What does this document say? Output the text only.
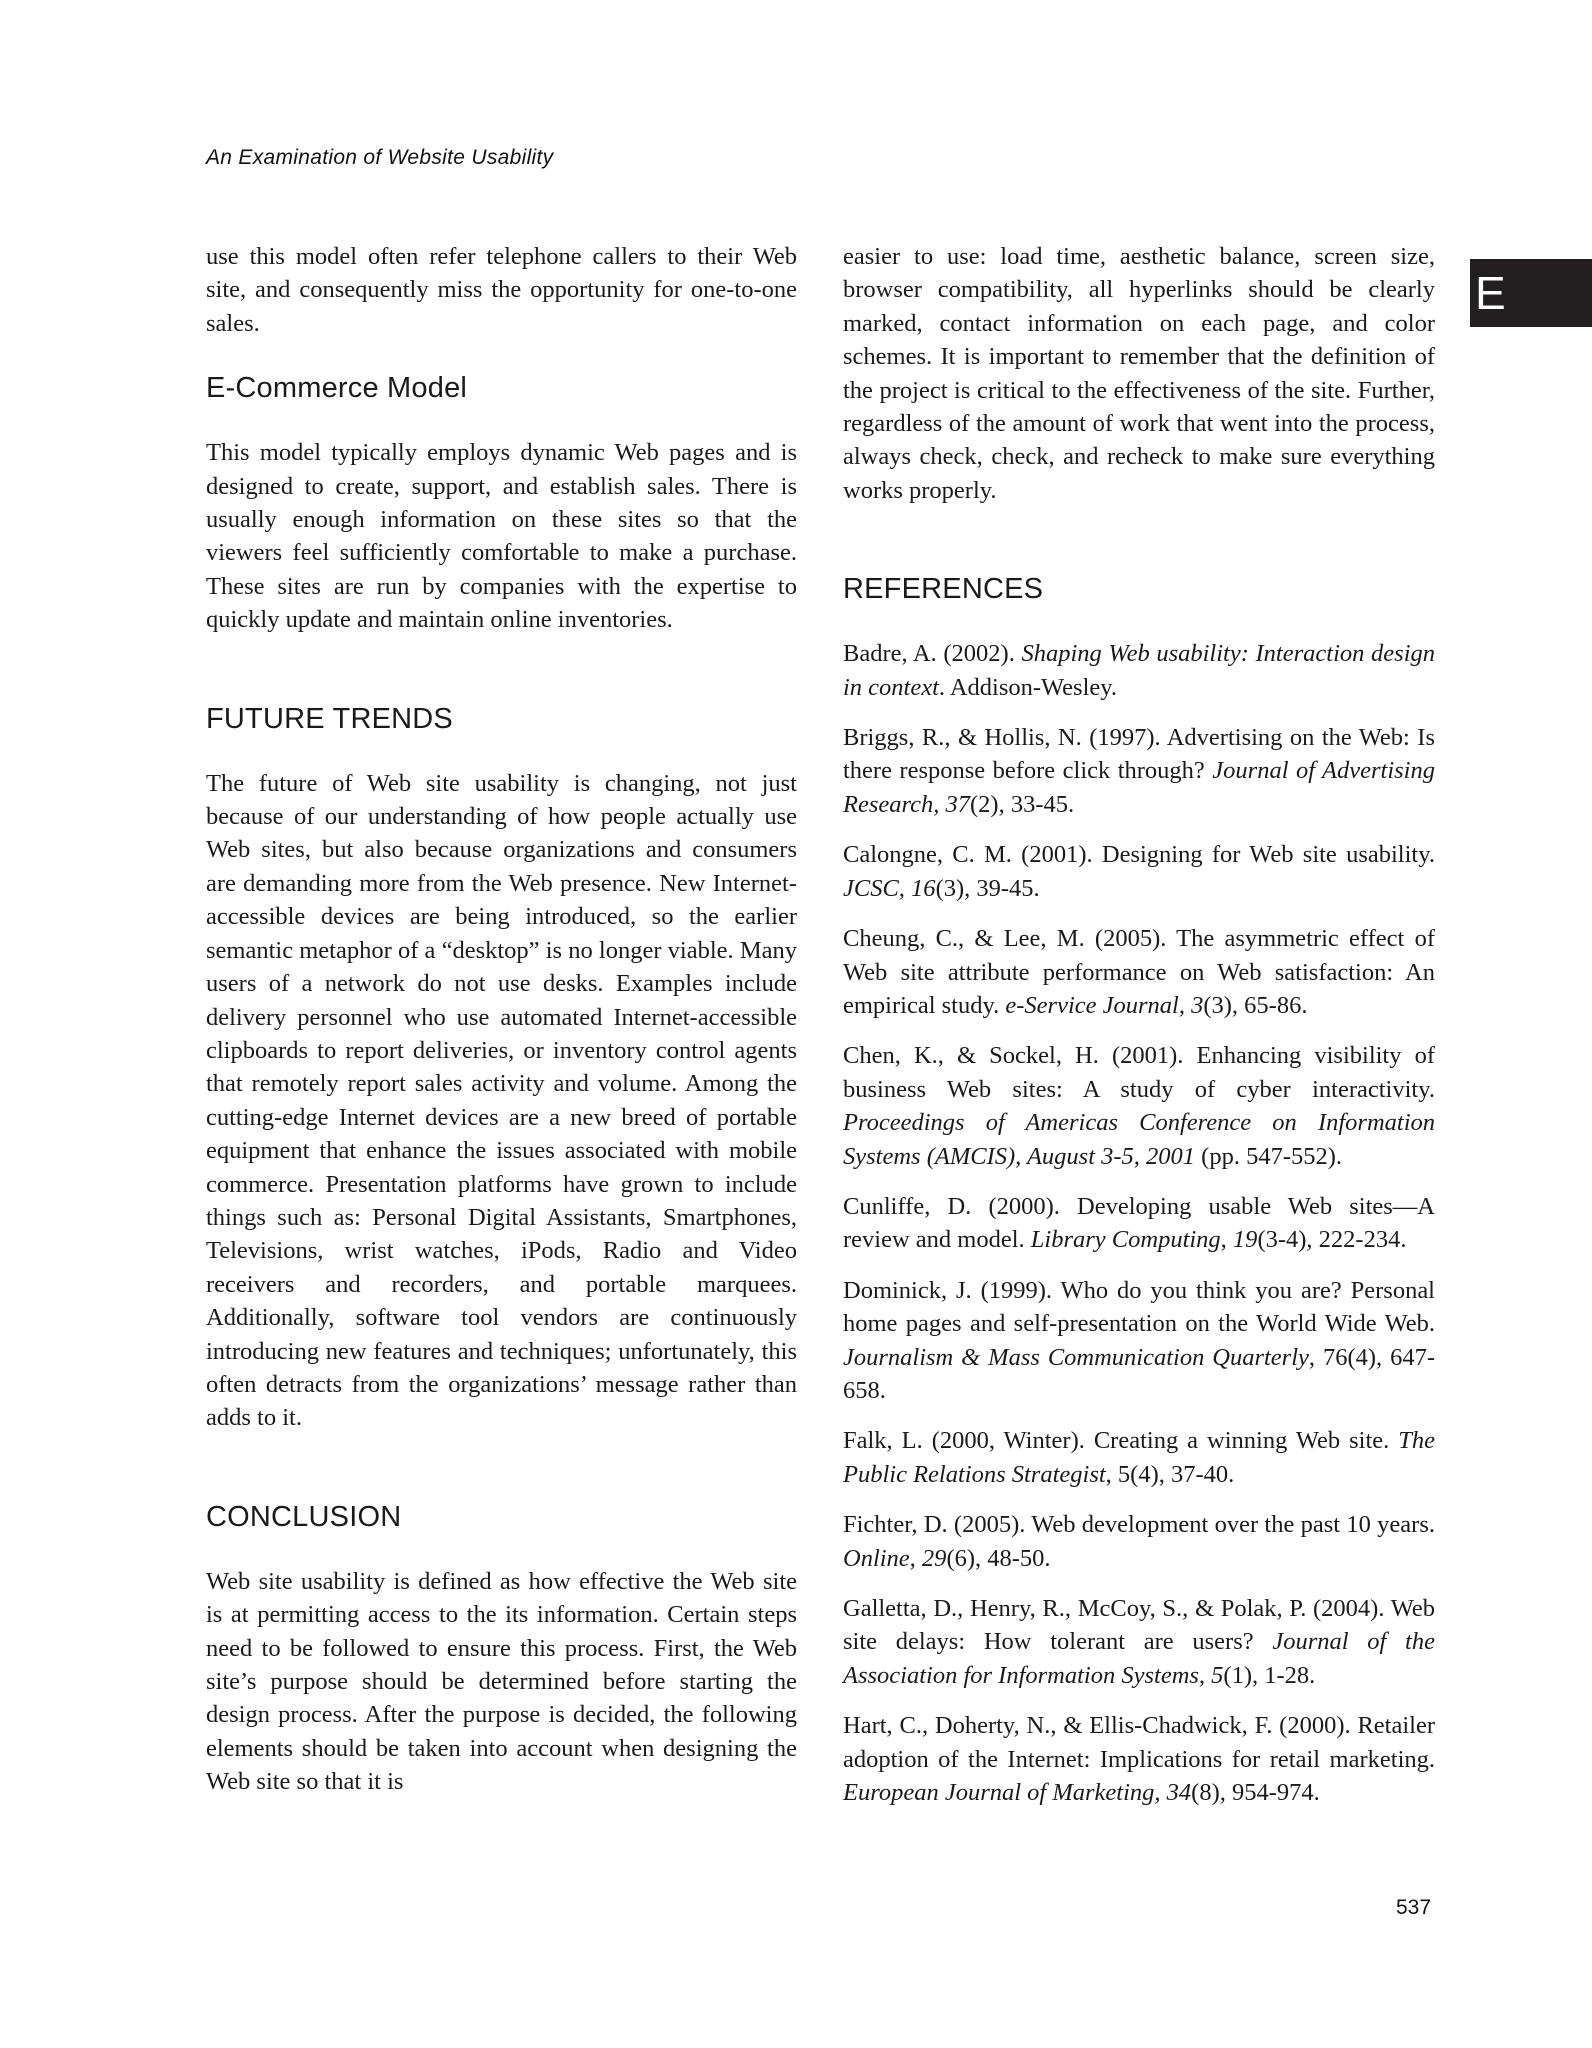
An Examination of Website Usability
E

use this model often refer telephone callers to their Web site, and consequently miss the opportunity for one-to-one sales.

E-Commerce Model

This model typically employs dynamic Web pages and is designed to create, support, and establish sales. There is usually enough information on these sites so that the viewers feel sufficiently comfortable to make a purchase. These sites are run by companies with the expertise to quickly update and maintain online inventories.

FUTURE TRENDS

The future of Web site usability is changing, not just because of our understanding of how people actually use Web sites, but also because organizations and consumers are demanding more from the Web presence. New Internet-accessible devices are being introduced, so the earlier semantic metaphor of a “desktop” is no longer viable. Many users of a network do not use desks. Examples include delivery personnel who use automated Internet-accessible clipboards to report deliveries, or inventory control agents that remotely report sales activity and volume. Among the cutting-edge Internet devices are a new breed of portable equipment that enhance the issues associated with mobile commerce. Presentation platforms have grown to include things such as: Personal Digital Assistants, Smartphones, Televisions, wrist watches, iPods, Radio and Video receivers and recorders, and portable marquees. Additionally, software tool vendors are continuously introducing new features and techniques; unfortunately, this often detracts from the organizations’ message rather than adds to it.

CONCLUSION

Web site usability is defined as how effective the Web site is at permitting access to the its information. Certain steps need to be followed to ensure this process. First, the Web site’s purpose should be determined before starting the design process. After the purpose is decided, the following elements should be taken into account when designing the Web site so that it is

easier to use: load time, aesthetic balance, screen size, browser compatibility, all hyperlinks should be clearly marked, contact information on each page, and color schemes. It is important to remember that the definition of the project is critical to the effectiveness of the site. Further, regardless of the amount of work that went into the process, always check, check, and recheck to make sure everything works properly.

REFERENCES

Badre, A. (2002). Shaping Web usability: Interaction design in context. Addison-Wesley.

Briggs, R., & Hollis, N. (1997). Advertising on the Web: Is there response before click through? Journal of Advertising Research, 37(2), 33-45.

Calongne, C. M. (2001). Designing for Web site usability. JCSC, 16(3), 39-45.

Cheung, C., & Lee, M. (2005). The asymmetric effect of Web site attribute performance on Web satisfaction: An empirical study. e-Service Journal, 3(3), 65-86.

Chen, K., & Sockel, H. (2001). Enhancing visibility of business Web sites: A study of cyber interactivity. Proceedings of Americas Conference on Information Systems (AMCIS), August 3-5, 2001 (pp. 547-552).

Cunliffe, D. (2000). Developing usable Web sites—A review and model. Library Computing, 19(3-4), 222-234.

Dominick, J. (1999). Who do you think you are? Personal home pages and self-presentation on the World Wide Web. Journalism & Mass Communication Quarterly, 76(4), 647-658.

Falk, L. (2000, Winter). Creating a winning Web site. The Public Relations Strategist, 5(4), 37-40.

Fichter, D. (2005). Web development over the past 10 years. Online, 29(6), 48-50.

Galletta, D., Henry, R., McCoy, S., & Polak, P. (2004). Web site delays: How tolerant are users? Journal of the Association for Information Systems, 5(1), 1-28.

Hart, C., Doherty, N., & Ellis-Chadwick, F. (2000). Retailer adoption of the Internet: Implications for retail marketing. European Journal of Marketing, 34(8), 954-974.

537
